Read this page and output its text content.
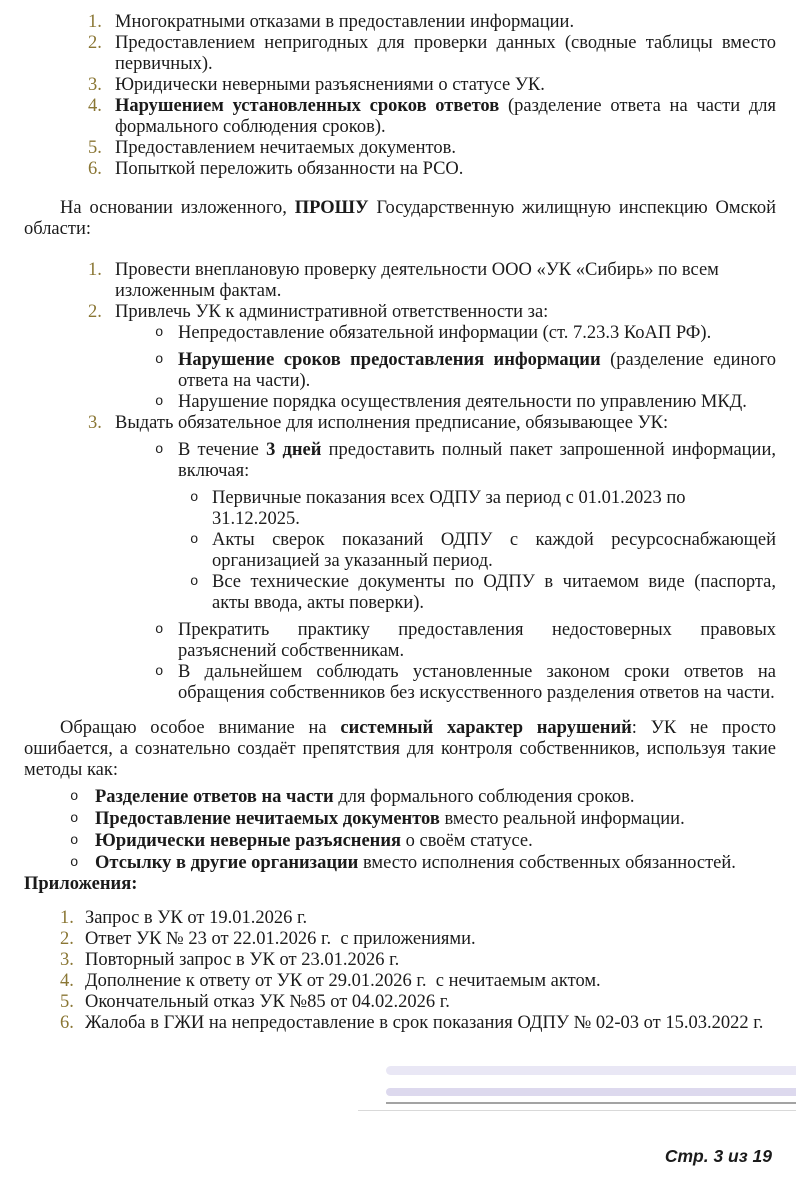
1. Многократными отказами в предоставлении информации.
2. Предоставлением непригодных для проверки данных (сводные таблицы вместо первичных).
3. Юридически неверными разъяснениями о статусе УК.
4. Нарушением установленных сроков ответов (разделение ответа на части для формального соблюдения сроков).
5. Предоставлением нечитаемых документов.
6. Попыткой переложить обязанности на РСО.

На основании изложенного, ПРОШУ Государственную жилищную инспекцию Омской области:

1. Провести внеплановую проверку деятельности ООО «УК «Сибирь» по всем изложенным фактам.
2. Привлечь УК к административной ответственности за:
o Непредоставление обязательной информации (ст. 7.23.3 КоАП РФ).
o Нарушение сроков предоставления информации (разделение единого ответа на части).
o Нарушение порядка осуществления деятельности по управлению МКД.
3. Выдать обязательное для исполнения предписание, обязывающее УК:
o В течение 3 дней предоставить полный пакет запрошенной информации, включая:
o Первичные показания всех ОДПУ за период с 01.01.2023 по 31.12.2025.
o Акты сверок показаний ОДПУ с каждой ресурсоснабжающей организацией за указанный период.
o Все технические документы по ОДПУ в читаемом виде (паспорта, акты ввода, акты поверки).
o Прекратить практику предоставления недостоверных правовых разъяснений собственникам.
o В дальнейшем соблюдать установленные законом сроки ответов на обращения собственников без искусственного разделения ответов на части.

Обращаю особое внимание на системный характер нарушений: УК не просто ошибается, а сознательно создаёт препятствия для контроля собственников, используя такие методы как:

o Разделение ответов на части для формального соблюдения сроков.
o Предоставление нечитаемых документов вместо реальной информации.
o Юридически неверные разъяснения о своём статусе.
o Отсылку в другие организации вместо исполнения собственных обязанностей.

Приложения:

1. Запрос в УК от 19.01.2026 г.
2. Ответ УК № 23 от 22.01.2026 г.  с приложениями.
3. Повторный запрос в УК от 23.01.2026 г.
4. Дополнение к ответу от УК от 29.01.2026 г.  с нечитаемым актом.
5. Окончательный отказ УК №85 от 04.02.2026 г.
6. Жалоба в ГЖИ на непредоставление в срок показания ОДПУ № 02-03 от 15.03.2022 г.
Стр. 3 из 19
